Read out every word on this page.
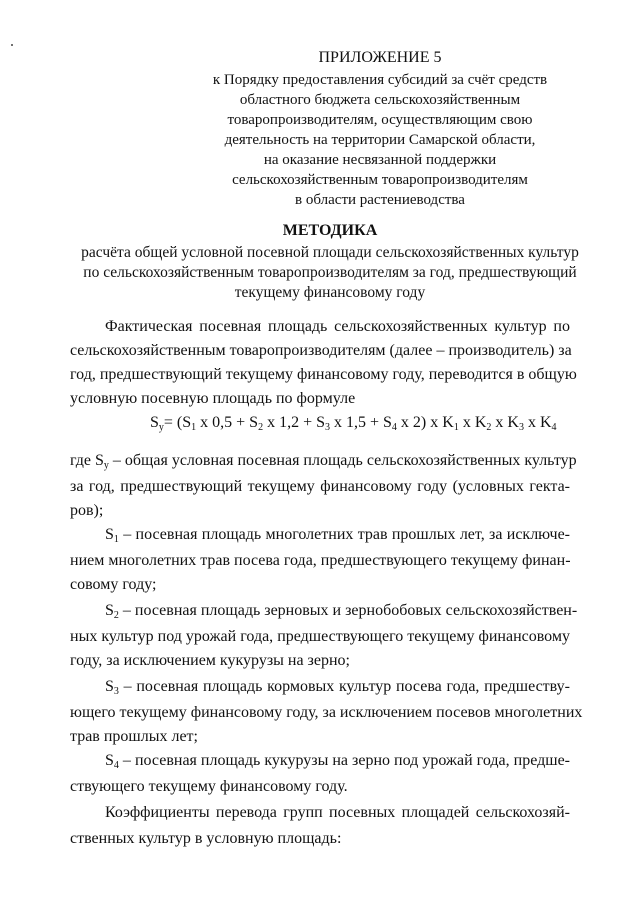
ПРИЛОЖЕНИЕ 5
к Порядку предоставления субсидий за счёт средств
областного бюджета сельскохозяйственным
товаропроизводителям, осуществляющим свою
деятельность на территории Самарской области,
на оказание несвязанной поддержки
сельскохозяйственным товаропроизводителям
в области растениеводства
МЕТОДИКА
расчёта общей условной посевной площади сельскохозяйственных культур
по сельскохозяйственным товаропроизводителям за год, предшествующий
текущему финансовому году
Фактическая посевная площадь сельскохозяйственных культур по
сельскохозяйственным товаропроизводителям (далее – производитель) за
год, предшествующий текущему финансовому году, переводится в общую
условную посевную площадь по формуле
$S_у= (S_1$ x $0,5 + S_2$ x $1,2 + S_3$ x $1,5 + S_4$ x 2) x $K_1$ x $K_2$ x $K_3$ x $K_4$
где $S_у$ – общая условная посевная площадь сельскохозяйственных культур
за год, предшествующий текущему финансовому году (условных гекта-
ров);
$S_1$ – посевная площадь многолетних трав прошлых лет, за исключе-
нием многолетних трав посева года, предшествующего текущему финан-
совому году;
$S_2$ – посевная площадь зерновых и зернобобовых сельскохозяйствен-
ных культур под урожай года, предшествующего текущему финансовому
году, за исключением кукурузы на зерно;
$S_3$ – посевная площадь кормовых культур посева года, предшеству-
ющего текущему финансовому году, за исключением посевов многолетних
трав прошлых лет;
$S_4$ – посевная площадь кукурузы на зерно под урожай года, предше-
ствующего текущему финансовому году.
Коэффициенты перевода групп посевных площадей сельскохозяй-
ственных культур в условную площадь:
